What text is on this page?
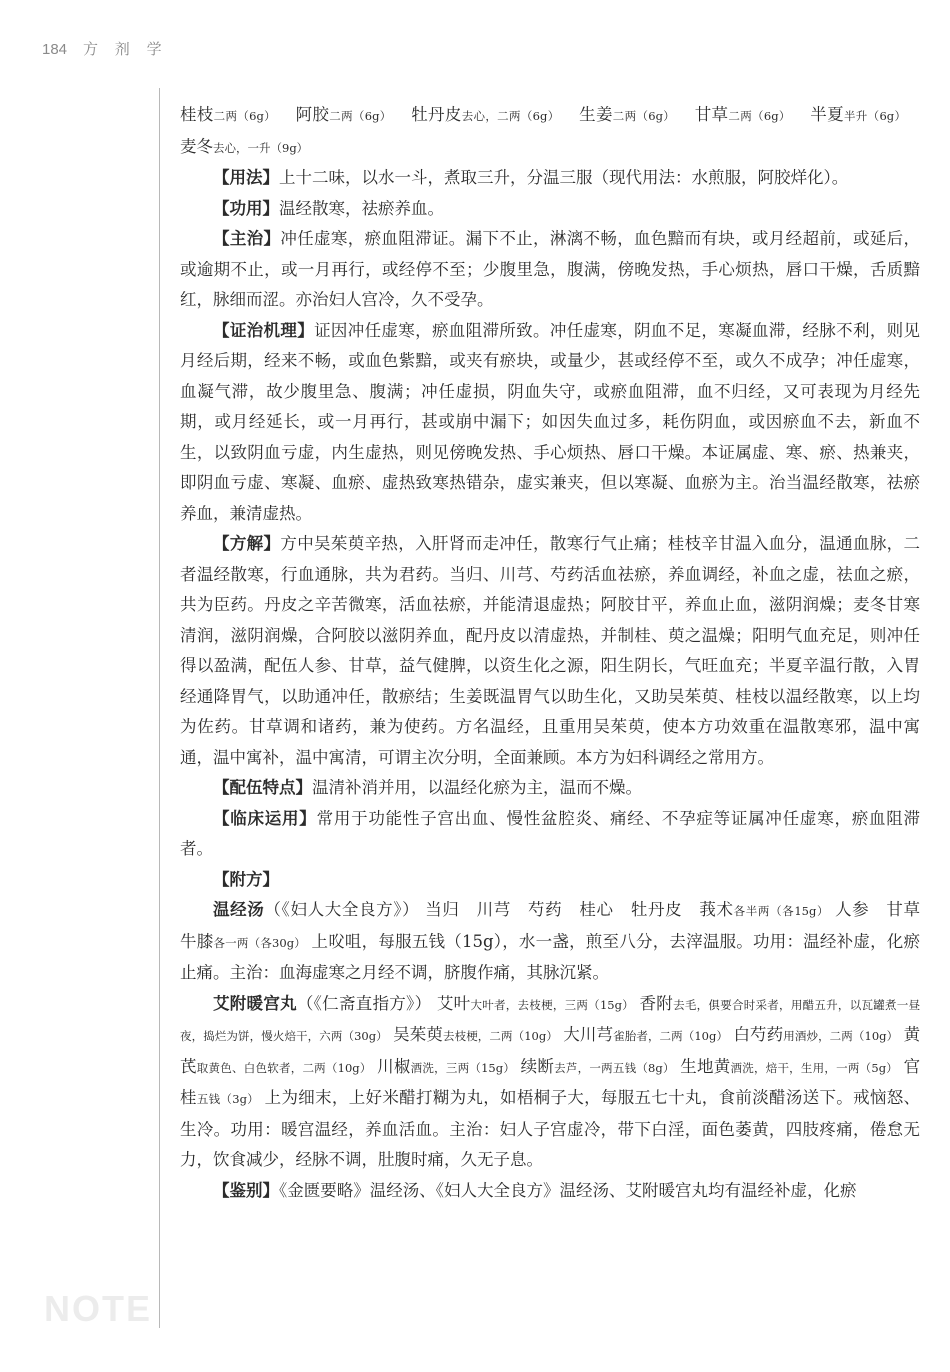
184 方 剂 学
NOTE

桂枝二两（6g） 阿胶二两（6g） 牡丹皮去心，二两（6g） 生姜二两（6g） 甘草二两（6g） 半夏半升（6g） 麦冬去心，一升（9g）

【用法】上十二味，以水一斗，煮取三升，分温三服（现代用法：水煎服，阿胶烊化）。

【功用】温经散寒，祛瘀养血。

【主治】冲任虚寒，瘀血阻滞证。漏下不止，淋漓不畅，血色黯而有块，或月经超前，或延后，或逾期不止，或一月再行，或经停不至；少腹里急，腹满，傍晚发热，手心烦热，唇口干燥，舌质黯红，脉细而涩。亦治妇人宫冷，久不受孕。

【证治机理】证因冲任虚寒，瘀血阻滞所致。冲任虚寒，阴血不足，寒凝血滞，经脉不利，则见月经后期，经来不畅，或血色紫黯，或夹有瘀块，或量少，甚或经停不至，或久不成孕；冲任虚寒，血凝气滞，故少腹里急、腹满；冲任虚损，阴血失守，或瘀血阻滞，血不归经，又可表现为月经先期，或月经延长，或一月再行，甚或崩中漏下；如因失血过多，耗伤阴血，或因瘀血不去，新血不生，以致阴血亏虚，内生虚热，则见傍晚发热、手心烦热、唇口干燥。本证属虚、寒、瘀、热兼夹，即阴血亏虚、寒凝、血瘀、虚热致寒热错杂，虚实兼夹，但以寒凝、血瘀为主。治当温经散寒，祛瘀养血，兼清虚热。

【方解】方中吴茱萸辛热，入肝肾而走冲任，散寒行气止痛；桂枝辛甘温入血分，温通血脉，二者温经散寒，行血通脉，共为君药。当归、川芎、芍药活血祛瘀，养血调经，补血之虚，祛血之瘀，共为臣药。丹皮之辛苦微寒，活血祛瘀，并能清退虚热；阿胶甘平，养血止血，滋阴润燥；麦冬甘寒清润，滋阴润燥，合阿胶以滋阴养血，配丹皮以清虚热，并制桂、萸之温燥；阳明气血充足，则冲任得以盈满，配伍人参、甘草，益气健脾，以资生化之源，阳生阴长，气旺血充；半夏辛温行散，入胃经通降胃气，以助通冲任，散瘀结；生姜既温胃气以助生化，又助吴茱萸、桂枝以温经散寒，以上均为佐药。甘草调和诸药，兼为使药。方名温经，且重用吴茱萸，使本方功效重在温散寒邪，温中寓通，温中寓补，温中寓清，可谓主次分明，全面兼顾。本方为妇科调经之常用方。

【配伍特点】温清补消并用，以温经化瘀为主，温而不燥。

【临床运用】常用于功能性子宫出血、慢性盆腔炎、痛经、不孕症等证属冲任虚寒，瘀血阻滞者。

【附方】

温经汤（《妇人大全良方》） 当归　川芎　芍药　桂心　牡丹皮　莪术各半两（各15g） 人参　甘草　牛膝各一两（各30g） 上㕮咀，每服五钱（15g），水一盏，煎至八分，去滓温服。功用：温经补虚，化瘀止痛。主治：血海虚寒之月经不调，脐腹作痛，其脉沉紧。

艾附暖宫丸（《仁斋直指方》） 艾叶大叶者，去枝梗，三两（15g） 香附去毛，俱要合时采者，用醋五升，以瓦罐煮一昼夜，捣烂为饼，慢火焙干，六两（30g） 吴茱萸去枝梗，二两（10g） 大川芎雀胎者，二两（10g） 白芍药用酒炒，二两（10g） 黄芪取黄色、白色软者，二两（10g） 川椒酒洗，三两（15g） 续断去芦，一两五钱（8g） 生地黄酒洗，焙干，生用，一两（5g） 官桂五钱（3g） 上为细末，上好米醋打糊为丸，如梧桐子大，每服五七十丸，食前淡醋汤送下。戒恼怒、生冷。功用：暖宫温经，养血活血。主治：妇人子宫虚冷，带下白淫，面色萎黄，四肢疼痛，倦怠无力，饮食减少，经脉不调，肚腹时痛，久无子息。

【鉴别】《金匮要略》温经汤、《妇人大全良方》温经汤、艾附暖宫丸均有温经补虚，化瘀
